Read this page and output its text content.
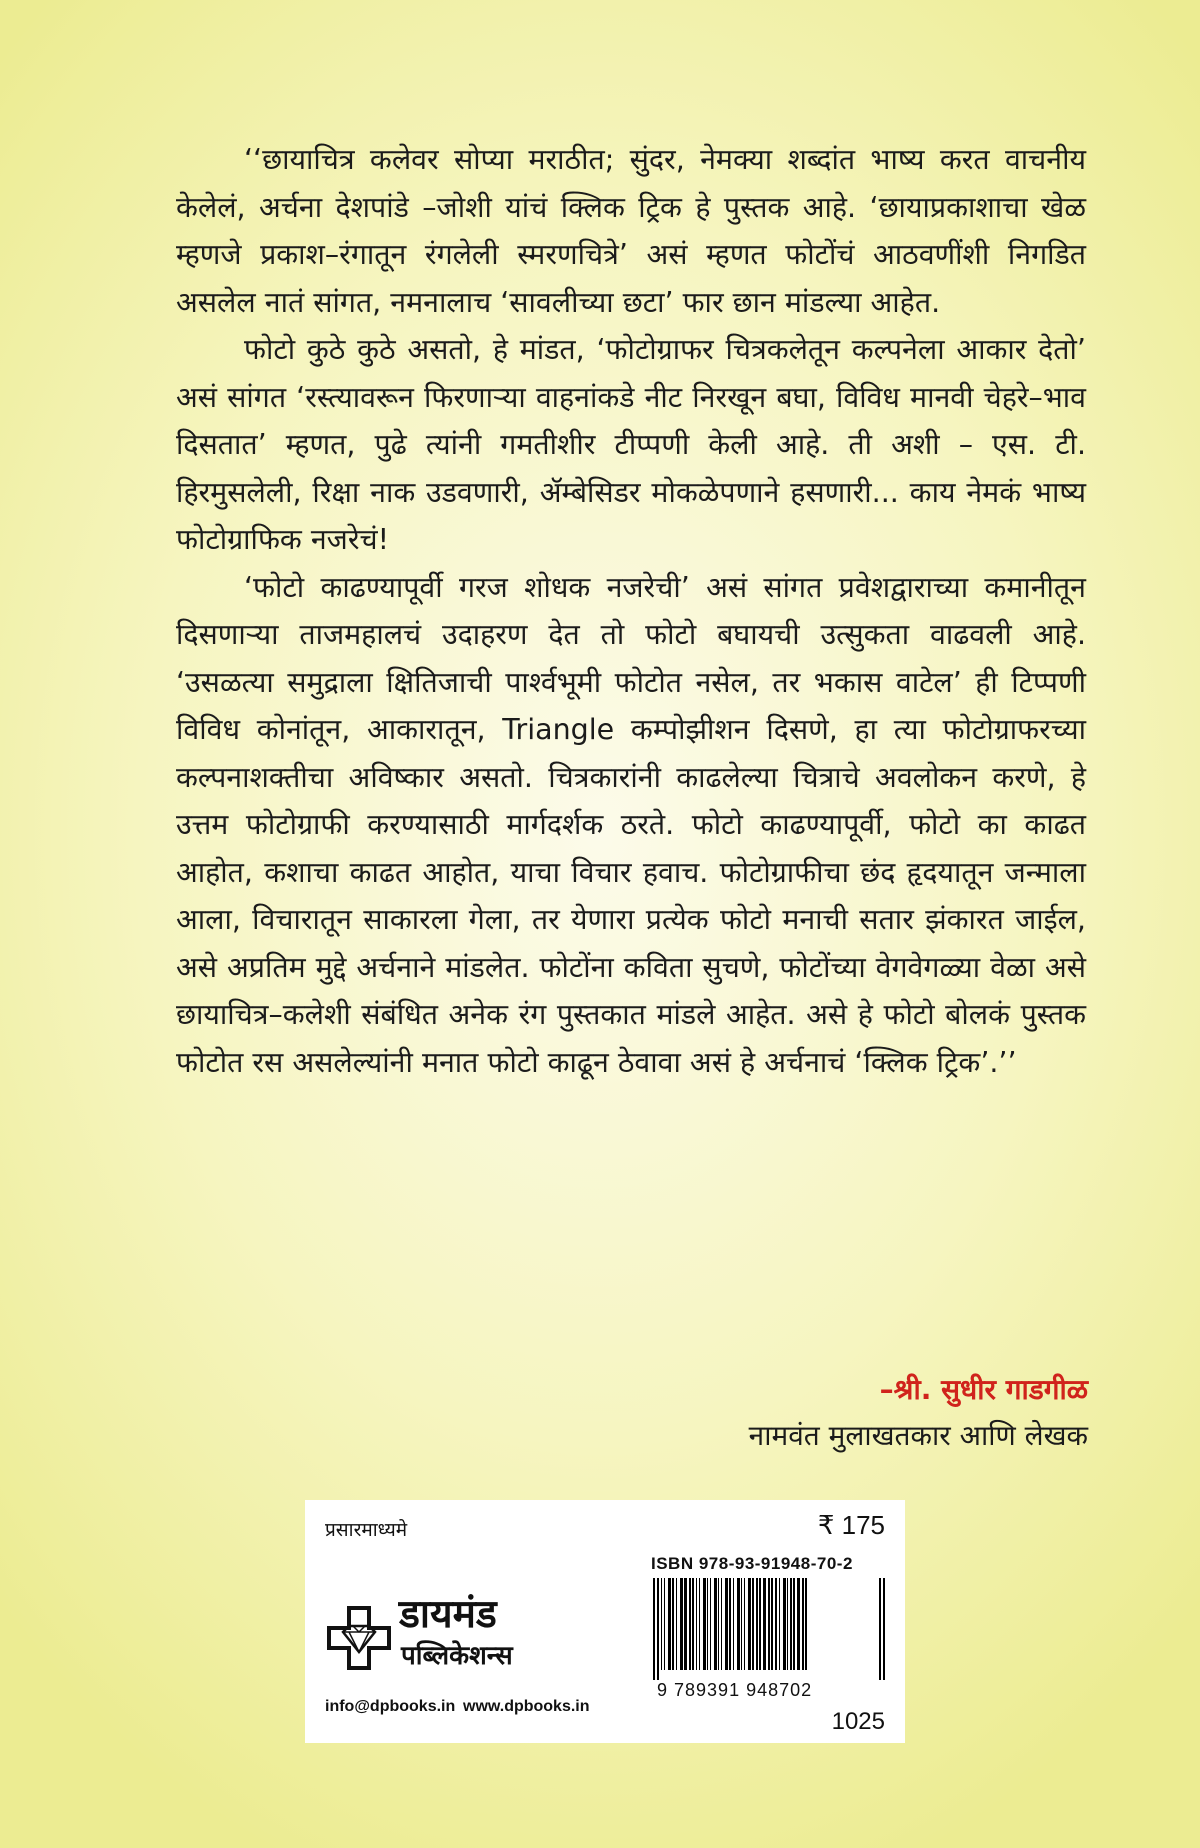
‘‘छायाचित्र कलेवर सोप्या मराठीत; सुंदर, नेमक्या शब्दांत भाष्य करत वाचनीय केलेलं, अर्चना देशपांडे –जोशी यांचं क्लिक ट्रिक हे पुस्तक आहे. ‘छायाप्रकाशाचा खेळ म्हणजे प्रकाश–रंगातून रंगलेली स्मरणचित्रे’ असं म्हणत फोटोंचं आठवणींशी निगडित असलेल नातं सांगत, नमनालाच ‘सावलीच्या छटा’ फार छान मांडल्या आहेत.

फोटो कुठे कुठे असतो, हे मांडत, ‘फोटोग्राफर चित्रकलेतून कल्पनेला आकार देतो’ असं सांगत ‘रस्त्यावरून फिरणाऱ्या वाहनांकडे नीट निरखून बघा, विविध मानवी चेहरे–भाव दिसतात’ म्हणत, पुढे त्यांनी गमतीशीर टीप्पणी केली आहे. ती अशी – एस. टी. हिरमुसलेली, रिक्षा नाक उडवणारी, ॲम्बेसिडर मोकळेपणाने हसणारी... काय नेमकं भाष्य फोटोग्राफिक नजरेचं!

‘फोटो काढण्यापूर्वी गरज शोधक नजरेची’ असं सांगत प्रवेशद्वाराच्या कमानीतून दिसणाऱ्या ताजमहालचं उदाहरण देत तो फोटो बघायची उत्सुकता वाढवली आहे. ‘उसळत्या समुद्राला क्षितिजाची पार्श्वभूमी फोटोत नसेल, तर भकास वाटेल’ ही टिप्पणी विविध कोनांतून, आकारातून, Triangle कम्पोझीशन दिसणे, हा त्या फोटोग्राफरच्या कल्पनाशक्तीचा अविष्कार असतो. चित्रकारांनी काढलेल्या चित्राचे अवलोकन करणे, हे उत्तम फोटोग्राफी करण्यासाठी मार्गदर्शक ठरते. फोटो काढण्यापूर्वी, फोटो का काढत आहोत, कशाचा काढत आहोत, याचा विचार हवाच. फोटोग्राफीचा छंद हृदयातून जन्माला आला, विचारातून साकारला गेला, तर येणारा प्रत्येक फोटो मनाची सतार झंकारत जाईल, असे अप्रतिम मुद्दे अर्चनाने मांडलेत. फोटोंना कविता सुचणे, फोटोंच्या वेगवेगळ्या वेळा असे छायाचित्र–कलेशी संबंधित अनेक रंग पुस्तकात मांडले आहेत. असे हे फोटो बोलकं पुस्तक फोटोत रस असलेल्यांनी मनात फोटो काढून ठेवावा असं हे अर्चनाचं ‘क्लिक ट्रिक’.’’

–श्री. सुधीर गाडगीळ
नामवंत मुलाखतकार आणि लेखक
प्रसारमाध्यमे	₹ 175
ISBN 978-93-91948-70-2
9 789391 948702
1025
डायमंड
पब्लिकेशन्स
info@dpbooks.in www.dpbooks.in
